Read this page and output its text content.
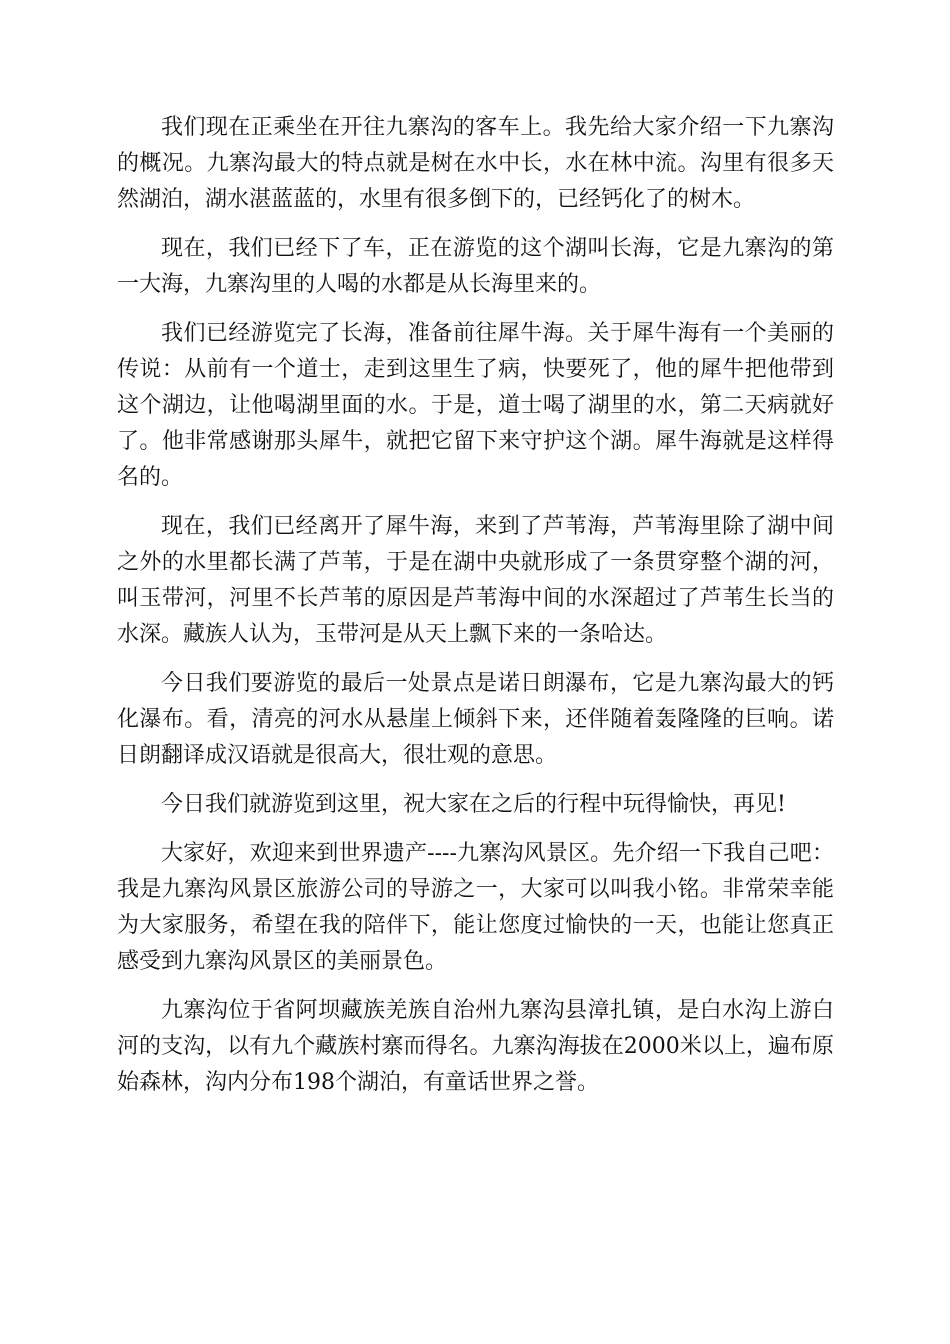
我们现在正乘坐在开往九寨沟的客车上。我先给大家介绍一下九寨沟的概况。九寨沟最大的特点就是树在水中长，水在林中流。沟里有很多天然湖泊，湖水湛蓝蓝的，水里有很多倒下的，已经钙化了的树木。

现在，我们已经下了车，正在游览的这个湖叫长海，它是九寨沟的第一大海，九寨沟里的人喝的水都是从长海里来的。

我们已经游览完了长海，准备前往犀牛海。关于犀牛海有一个美丽的传说：从前有一个道士，走到这里生了病，快要死了，他的犀牛把他带到这个湖边，让他喝湖里面的水。于是，道士喝了湖里的水，第二天病就好了。他非常感谢那头犀牛，就把它留下来守护这个湖。犀牛海就是这样得名的。

现在，我们已经离开了犀牛海，来到了芦苇海，芦苇海里除了湖中间之外的水里都长满了芦苇，于是在湖中央就形成了一条贯穿整个湖的河，叫玉带河，河里不长芦苇的原因是芦苇海中间的水深超过了芦苇生长当的水深。藏族人认为，玉带河是从天上飘下来的一条哈达。

今日我们要游览的最后一处景点是诺日朗瀑布，它是九寨沟最大的钙化瀑布。看，清亮的河水从悬崖上倾斜下来，还伴随着轰隆隆的巨响。诺日朗翻译成汉语就是很高大，很壮观的意思。

今日我们就游览到这里，祝大家在之后的行程中玩得愉快，再见!

大家好，欢迎来到世界遗产----九寨沟风景区。先介绍一下我自己吧：我是九寨沟风景区旅游公司的导游之一，大家可以叫我小铭。非常荣幸能为大家服务，希望在我的陪伴下，能让您度过愉快的一天，也能让您真正感受到九寨沟风景区的美丽景色。

九寨沟位于省阿坝藏族羌族自治州九寨沟县漳扎镇，是白水沟上游白河的支沟，以有九个藏族村寨而得名。九寨沟海拔在2000米以上，遍布原始森林，沟内分布198个湖泊，有童话世界之誉。
